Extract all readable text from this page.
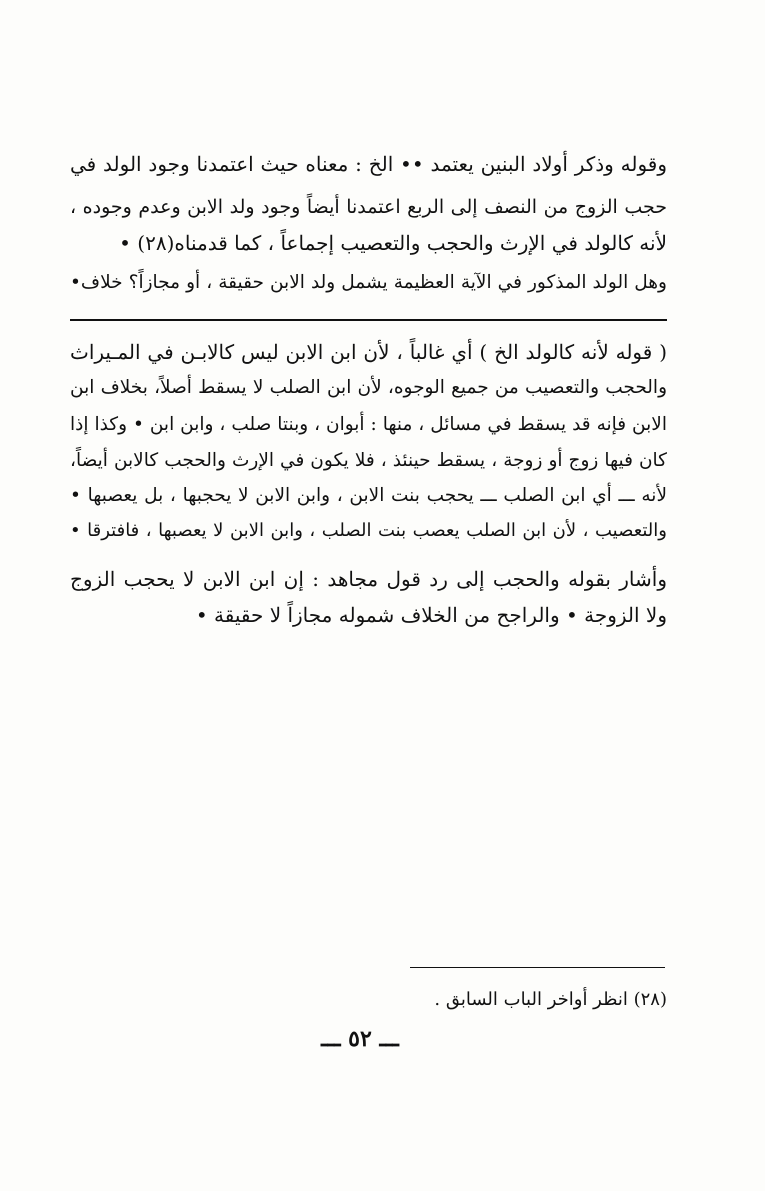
وقوله وذكر أولاد البنين يعتمد •• الخ : معناه حيث اعتمدنا وجود الولد في
حجب الزوج من النصف إلى الربع اعتمدنا أيضاً وجود ولد الابن وعدم وجوده ،
لأنه كالولد في الإرث والحجب والتعصيب إجماعاً ، كما قدمناه(٢٨) •
وهل الولد المذكور في الآية العظيمة يشمل ولد الابن حقيقة ، أو مجازاً؟ خلاف•
( قوله لأنه كالولد الخ ) أي غالباً ، لأن ابن الابن ليس كالابـن في المـيراث
والحجب والتعصيب من جميع الوجوه، لأن ابن الصلب لا يسقط أصلاً، بخلاف ابن
الابن فإنه قد يسقط في مسائل ، منها : أبوان ، وبنتا صلب ، وابن ابن • وكذا إذا
كان فيها زوج أو زوجة ، يسقط حينئذ ، فلا يكون في الإرث والحجب كالابن أيضاً،
لأنه ـــ أي ابن الصلب ـــ يحجب بنت الابن ، وابن الابن لا يحجبها ، بل يعصبها •
والتعصيب ، لأن ابن الصلب يعصب بنت الصلب ، وابن الابن لا يعصبها ، فافترقا •
وأشار بقوله والحجب إلى رد قول مجاهد : إن ابن الابن لا يحجب الزوج
ولا الزوجة • والراجح من الخلاف شموله مجازاً لا حقيقة •
(٢٨) انظر أواخر الباب السابق .
ـــ ٥٢ ـــ
